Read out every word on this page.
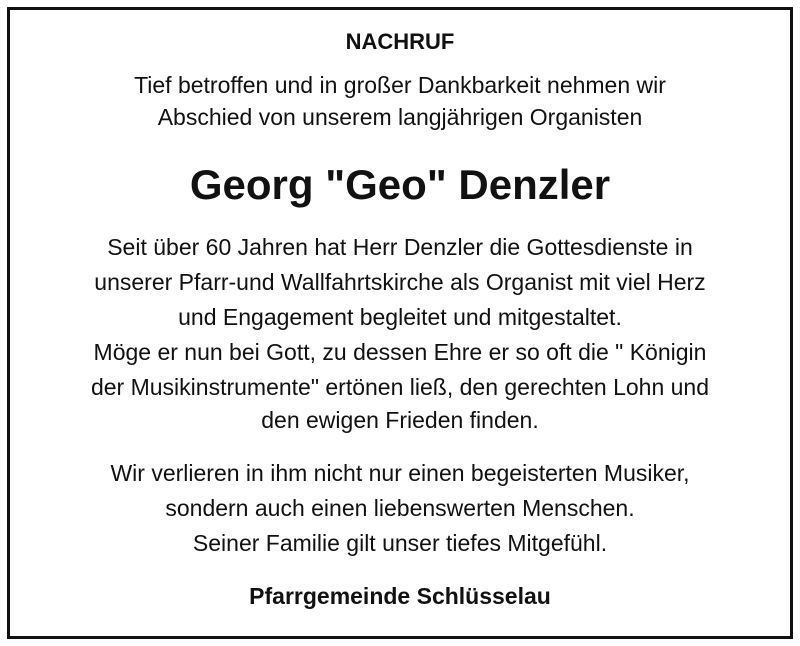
NACHRUF
Tief betroffen und in großer Dankbarkeit nehmen wir
Abschied von unserem langjährigen Organisten
Georg "Geo" Denzler
Seit über 60 Jahren hat Herr Denzler die Gottesdienste in
unserer Pfarr-und Wallfahrtskirche als Organist mit viel Herz
und Engagement begleitet und mitgestaltet.
Möge er nun bei Gott, zu dessen Ehre er so oft die " Königin
der Musikinstrumente" ertönen ließ, den gerechten Lohn und
den ewigen Frieden finden.
Wir verlieren in ihm nicht nur einen begeisterten Musiker,
sondern auch einen liebenswerten Menschen.
Seiner Familie gilt unser tiefes Mitgefühl.
Pfarrgemeinde Schlüsselau
